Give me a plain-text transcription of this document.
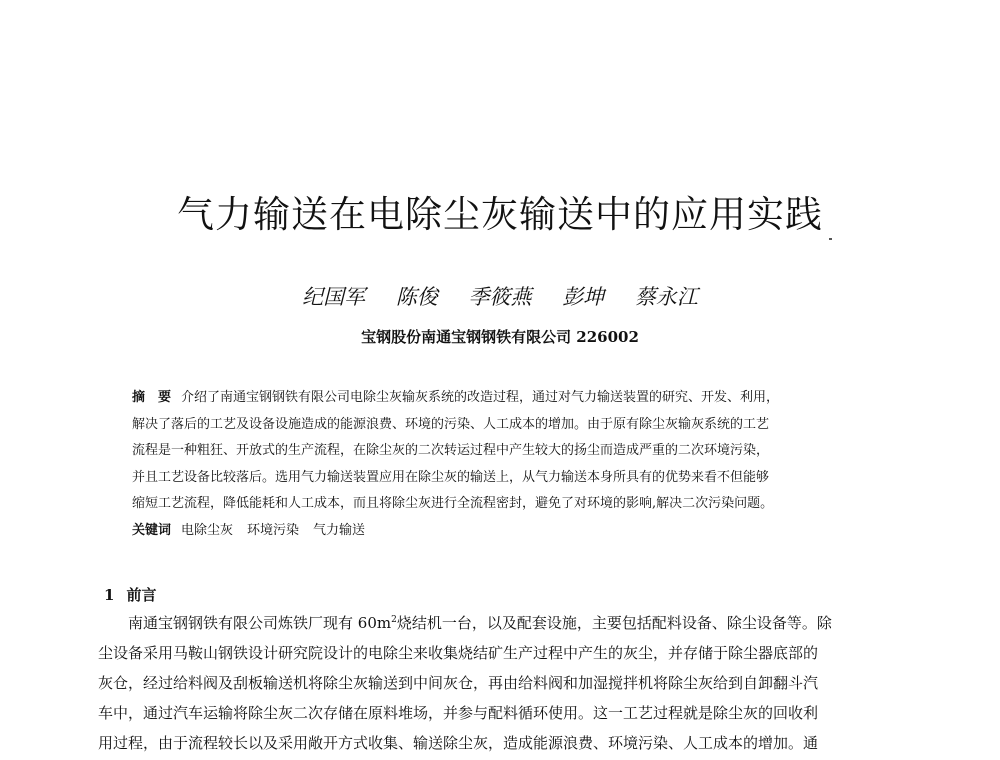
气力输送在电除尘灰输送中的应用实践
纪国军 陈俊 季筱燕 彭坤 蔡永江
宝钢股份南通宝钢钢铁有限公司 226002
摘　要 介绍了南通宝钢钢铁有限公司电除尘灰输灰系统的改造过程，通过对气力输送装置的研究、开发、利用，
解决了落后的工艺及设备设施造成的能源浪费、环境的污染、人工成本的增加。由于原有除尘灰输灰系统的工艺
流程是一种粗狂、开放式的生产流程，在除尘灰的二次转运过程中产生较大的扬尘而造成严重的二次环境污染，
并且工艺设备比较落后。选用气力输送装置应用在除尘灰的输送上，从气力输送本身所具有的优势来看不但能够
缩短工艺流程，降低能耗和人工成本，而且将除尘灰进行全流程密封，避免了对环境的影响,解决二次污染问题。
关键词 电除尘灰 环境污染 气力输送
1 前言
南通宝钢钢铁有限公司炼铁厂现有 $60m^2$烧结机一台，以及配套设施，主要包括配料设备、除尘设备等。除
尘设备采用马鞍山钢铁设计研究院设计的电除尘来收集烧结矿生产过程中产生的灰尘，并存储于除尘器底部的
灰仓，经过给料阀及刮板输送机将除尘灰输送到中间灰仓，再由给料阀和加湿搅拌机将除尘灰给到自卸翻斗汽
车中，通过汽车运输将除尘灰二次存储在原料堆场，并参与配料循环使用。这一工艺过程就是除尘灰的回收利
用过程，由于流程较长以及采用敞开方式收集、输送除尘灰，造成能源浪费、环境污染、人工成本的增加。通
